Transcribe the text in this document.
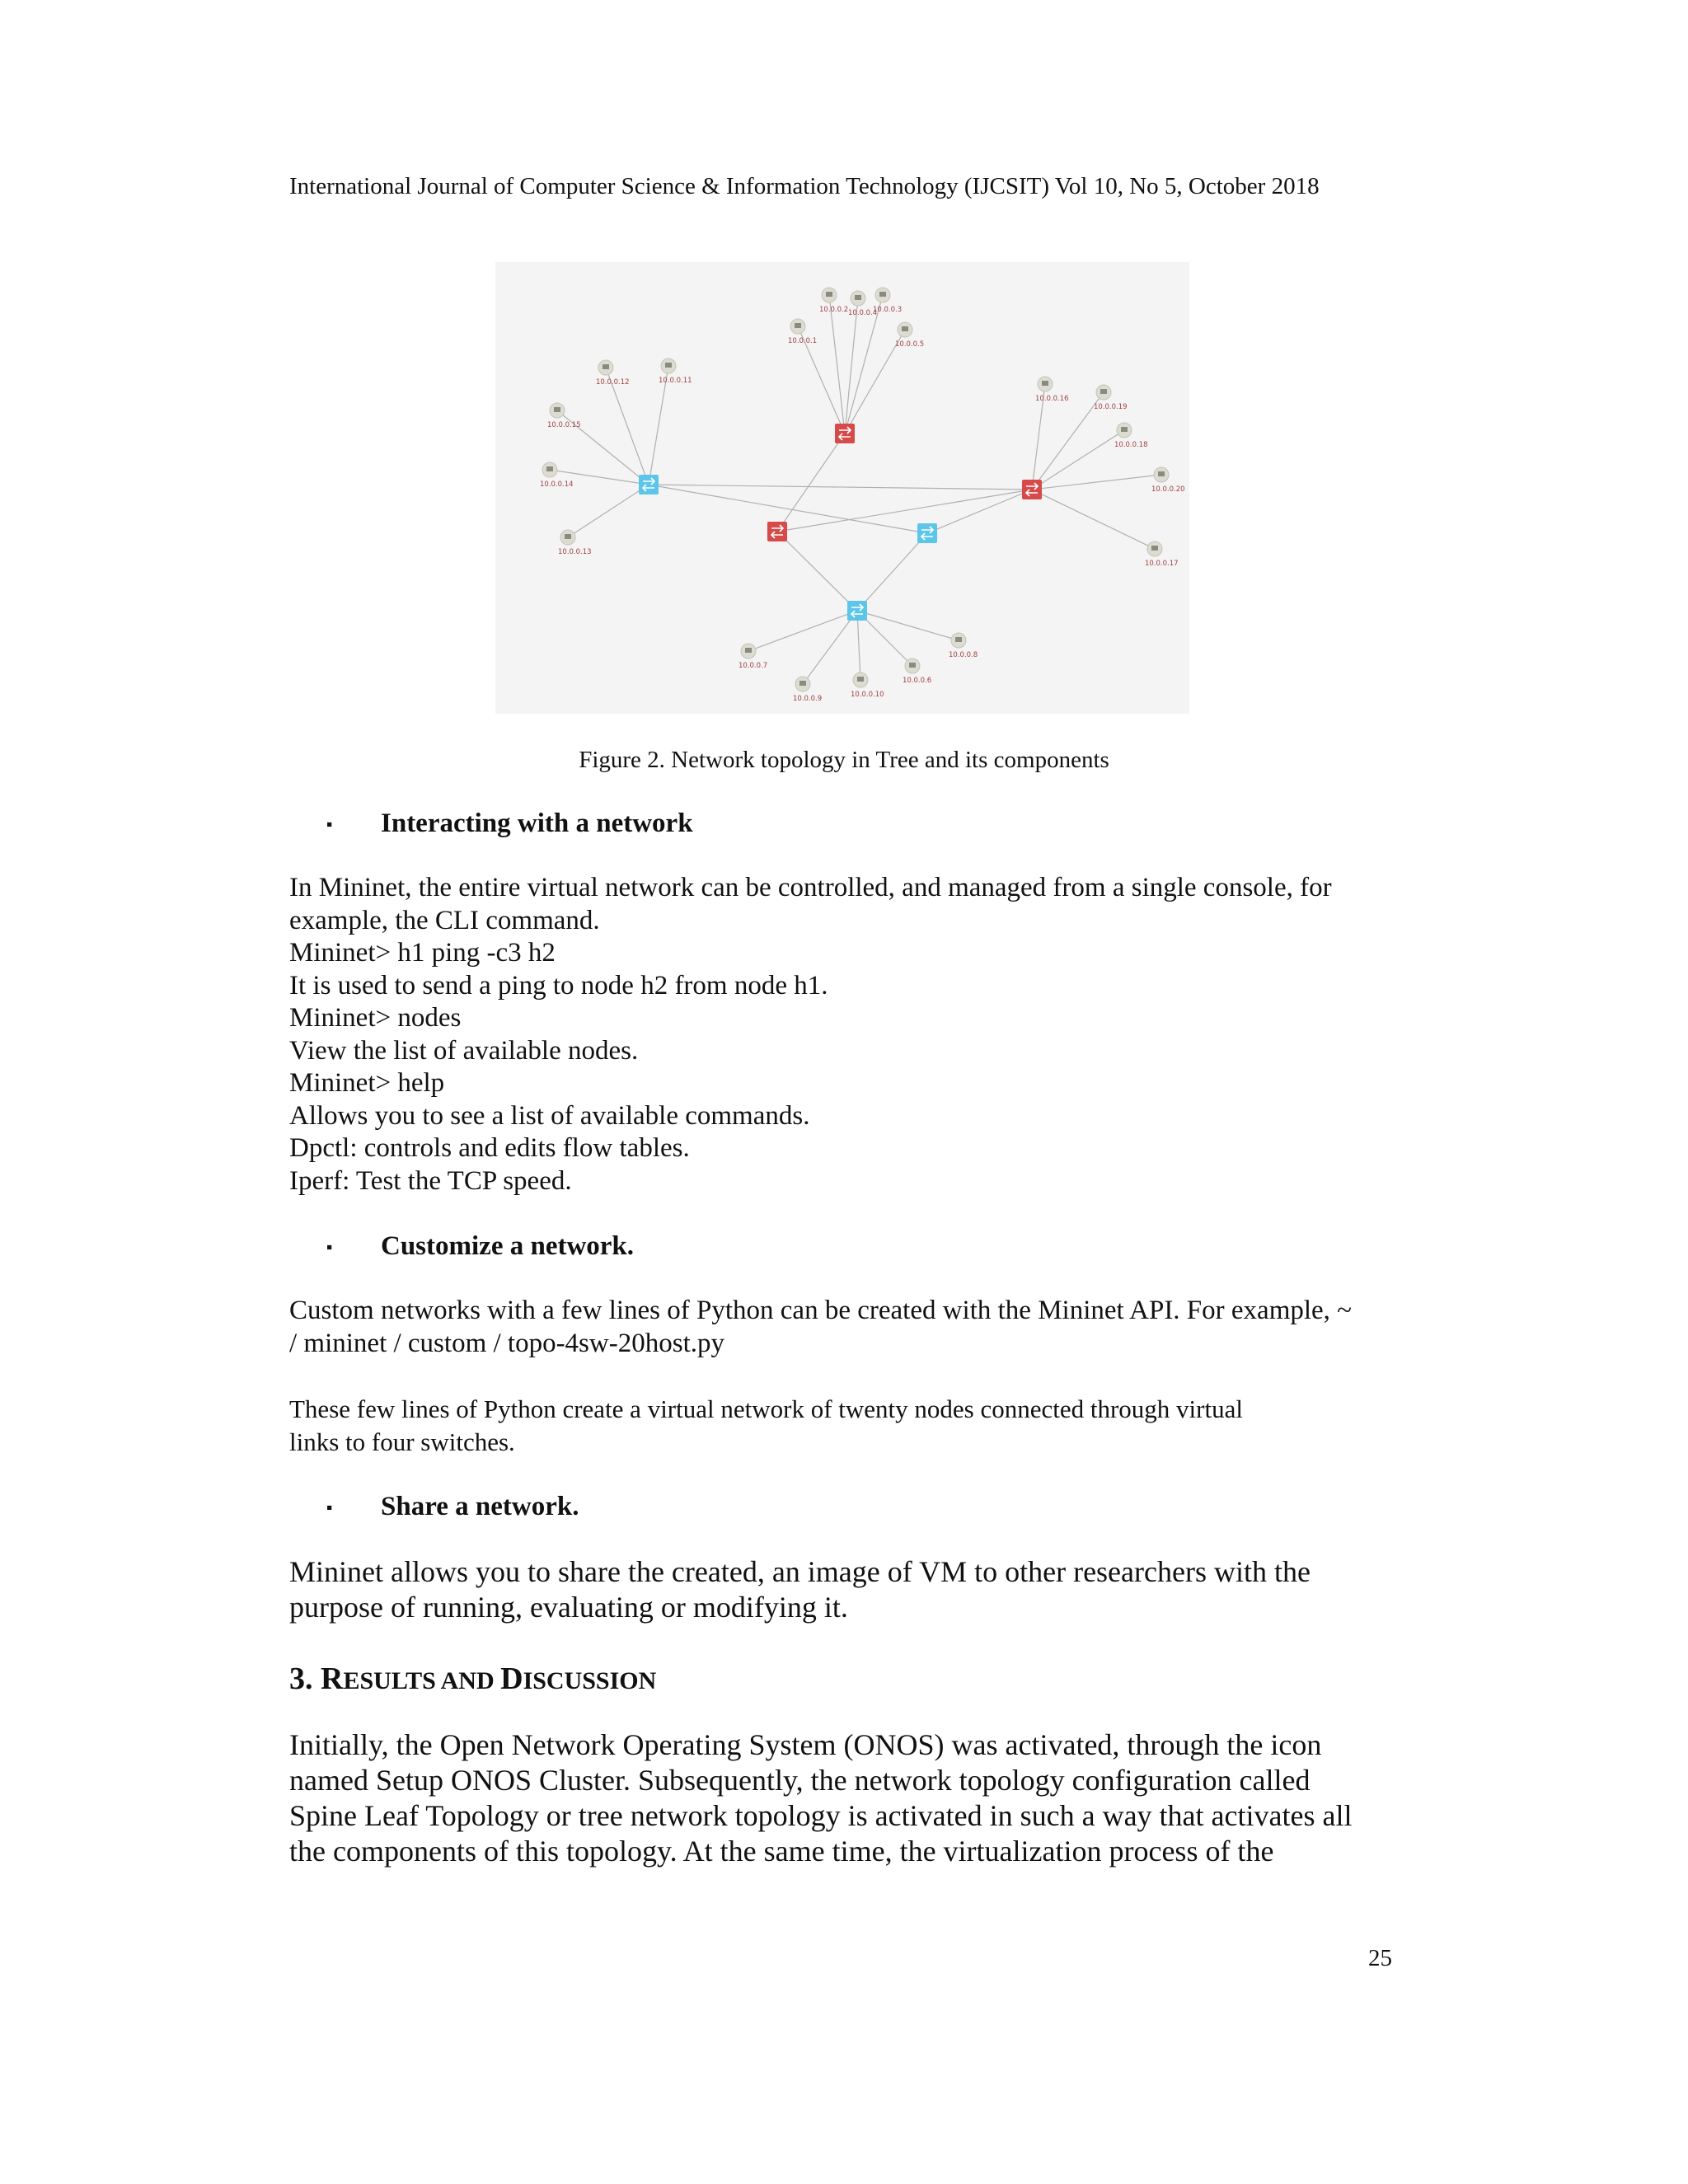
International Journal of Computer Science & Information Technology (IJCSIT) Vol 10, No 5, October 2018
10.0.0.1
10.0.0.2 10.0.0.4
10.0.0.3
10.0.0.5
10.0.0.12	10.0.0.11
10.0.0.15
10.0.0.14
10.0.0.13
10.0.0.16
10.0.0.19
10.0.0.18
10.0.0.20
10.0.0.17
10.0.0.7
10.0.0.9	10.0.0.10
10.0.0.6
10.0.0.8
Figure 2. Network topology in Tree and its components
▪ Interacting with a network
In Mininet, the entire virtual network can be controlled, and managed from a single console, for
example, the CLI command.
Mininet> h1 ping -c3 h2
It is used to send a ping to node h2 from node h1.
Mininet> nodes
View the list of available nodes.
Mininet> help
Allows you to see a list of available commands.
Dpctl: controls and edits flow tables.
Iperf: Test the TCP speed.
▪ Customize a network.
Custom networks with a few lines of Python can be created with the Mininet API. For example, ~
/ mininet / custom / topo-4sw-20host.py
These few lines of Python create a virtual network of twenty nodes connected through virtual
links to four switches.
▪ Share a network.
Mininet allows you to share the created, an image of VM to other researchers with the
purpose of running, evaluating or modifying it.
3. RESULTS AND DISCUSSION
Initially, the Open Network Operating System (ONOS) was activated, through the icon
named Setup ONOS Cluster. Subsequently, the network topology configuration called
Spine Leaf Topology or tree network topology is activated in such a way that activates all
the components of this topology. At the same time, the virtualization process of the
25
